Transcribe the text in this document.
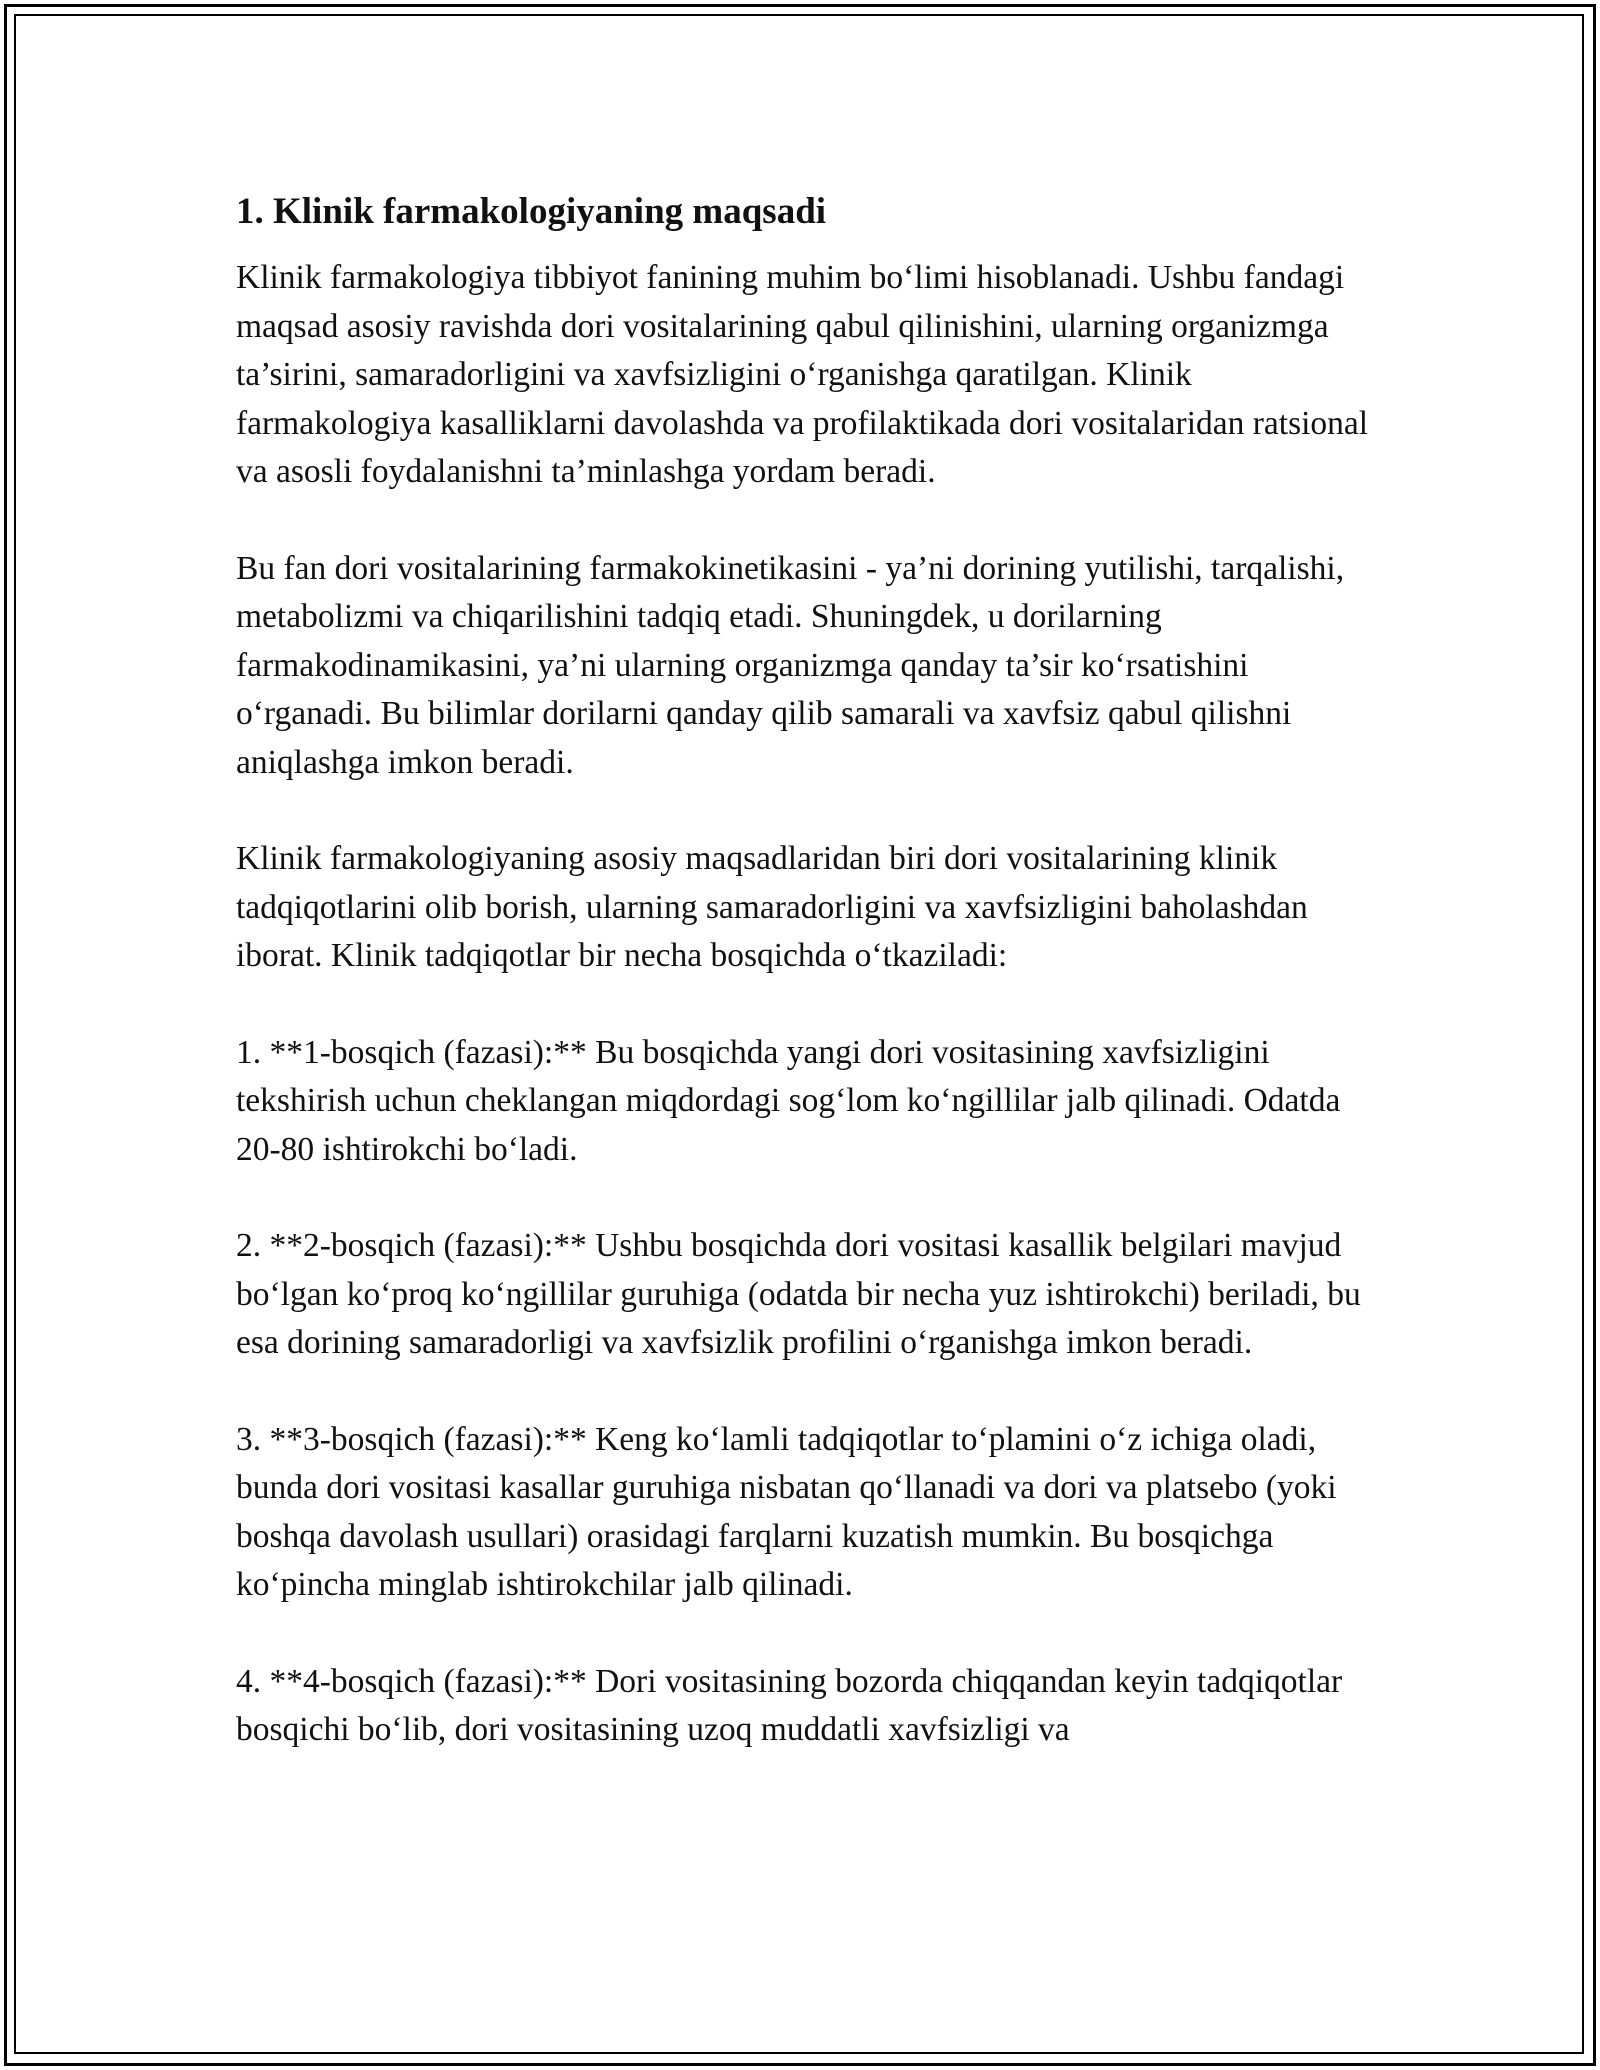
1. Klinik farmakologiyaning maqsadi

Klinik farmakologiya tibbiyot fanining muhim bo‘limi hisoblanadi. Ushbu fandagi maqsad asosiy ravishda dori vositalarining qabul qilinishini, ularning organizmga ta’sirini, samaradorligini va xavfsizligini o‘rganishga qaratilgan. Klinik farmakologiya kasalliklarni davolashda va profilaktikada dori vositalaridan ratsional va asosli foydalanishni ta’minlashga yordam beradi.

Bu fan dori vositalarining farmakokinetikasini - ya’ni dorining yutilishi, tarqalishi, metabolizmi va chiqarilishini tadqiq etadi. Shuningdek, u dorilarning farmakodinamikasini, ya’ni ularning organizmga qanday ta’sir ko‘rsatishini o‘rganadi. Bu bilimlar dorilarni qanday qilib samarali va xavfsiz qabul qilishni aniqlashga imkon beradi.

Klinik farmakologiyaning asosiy maqsadlaridan biri dori vositalarining klinik tadqiqotlarini olib borish, ularning samaradorligini va xavfsizligini baholashdan iborat. Klinik tadqiqotlar bir necha bosqichda o‘tkaziladi:

1. **1-bosqich (fazasi):** Bu bosqichda yangi dori vositasining xavfsizligini tekshirish uchun cheklangan miqdordagi sog‘lom ko‘ngillilar jalb qilinadi. Odatda 20-80 ishtirokchi bo‘ladi.

2. **2-bosqich (fazasi):** Ushbu bosqichda dori vositasi kasallik belgilari mavjud bo‘lgan ko‘proq ko‘ngillilar guruhiga (odatda bir necha yuz ishtirokchi) beriladi, bu esa dorining samaradorligi va xavfsizlik profilini o‘rganishga imkon beradi.

3. **3-bosqich (fazasi):** Keng ko‘lamli tadqiqotlar to‘plamini o‘z ichiga oladi, bunda dori vositasi kasallar guruhiga nisbatan qo‘llanadi va dori va platsebo (yoki boshqa davolash usullari) orasidagi farqlarni kuzatish mumkin. Bu bosqichga ko‘pincha minglab ishtirokchilar jalb qilinadi.

4. **4-bosqich (fazasi):** Dori vositasining bozorda chiqqandan keyin tadqiqotlar bosqichi bo‘lib, dori vositasining uzoq muddatli xavfsizligi va
